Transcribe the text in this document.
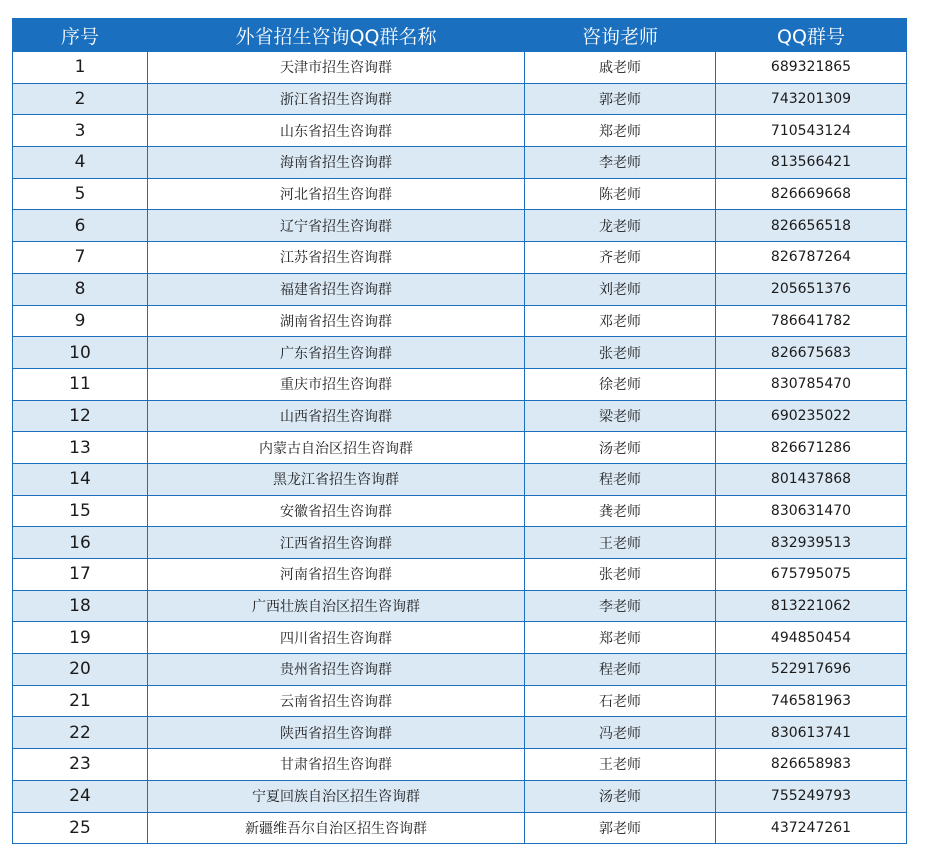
序号	外省招生咨询QQ群名称	咨询老师	QQ群号
1	天津市招生咨询群	戚老师	689321865
2	浙江省招生咨询群	郭老师	743201309
3	山东省招生咨询群	郑老师	710543124
4	海南省招生咨询群	李老师	813566421
5	河北省招生咨询群	陈老师	826669668
6	辽宁省招生咨询群	龙老师	826656518
7	江苏省招生咨询群	齐老师	826787264
8	福建省招生咨询群	刘老师	205651376
9	湖南省招生咨询群	邓老师	786641782
10	广东省招生咨询群	张老师	826675683
11	重庆市招生咨询群	徐老师	830785470
12	山西省招生咨询群	梁老师	690235022
13	内蒙古自治区招生咨询群	汤老师	826671286
14	黑龙江省招生咨询群	程老师	801437868
15	安徽省招生咨询群	龚老师	830631470
16	江西省招生咨询群	王老师	832939513
17	河南省招生咨询群	张老师	675795075
18	广西壮族自治区招生咨询群	李老师	813221062
19	四川省招生咨询群	郑老师	494850454
20	贵州省招生咨询群	程老师	522917696
21	云南省招生咨询群	石老师	746581963
22	陕西省招生咨询群	冯老师	830613741
23	甘肃省招生咨询群	王老师	826658983
24	宁夏回族自治区招生咨询群	汤老师	755249793
25	新疆维吾尔自治区招生咨询群	郭老师	437247261
